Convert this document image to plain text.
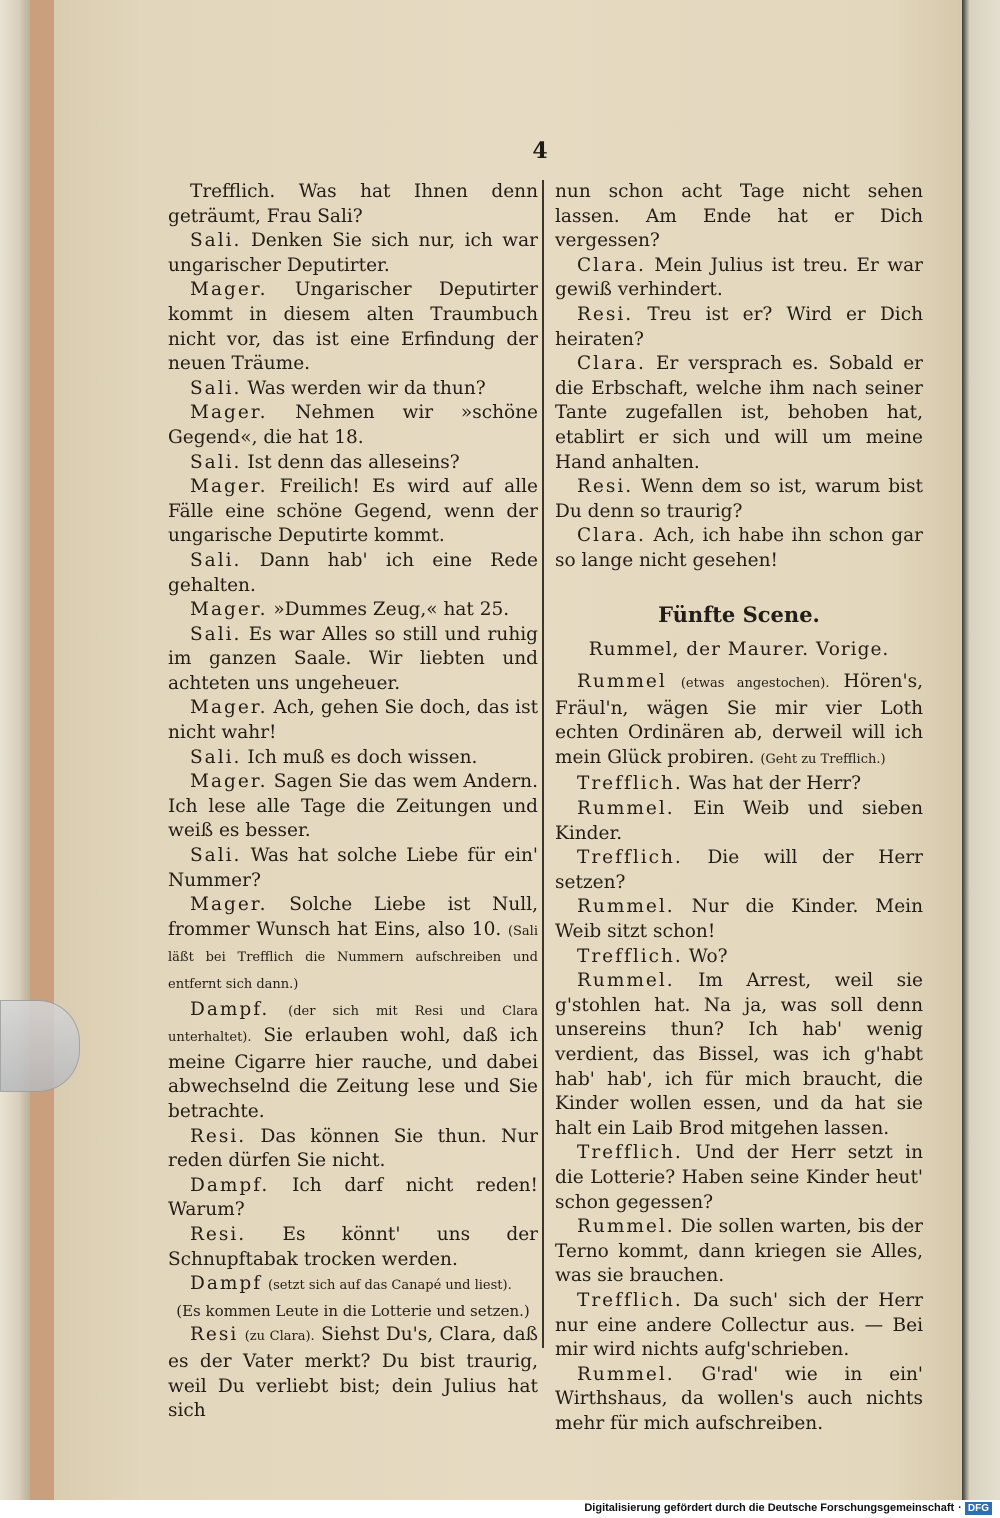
4

Trefflich. Was hat Ihnen denn geträumt, Frau Sali?

Sali. Denken Sie sich nur, ich war ungarischer Deputirter.

Mager. Ungarischer Deputirter kommt in diesem alten Traumbuch nicht vor, das ist eine Erfindung der neuen Träume.

Sali. Was werden wir da thun?

Mager. Nehmen wir »schöne Gegend«, die hat 18.

Sali. Ist denn das alleseins?

Mager. Freilich! Es wird auf alle Fälle eine schöne Gegend, wenn der ungarische Deputirte kommt.

Sali. Dann hab' ich eine Rede gehalten.

Mager. »Dummes Zeug,« hat 25.

Sali. Es war Alles so still und ruhig im ganzen Saale. Wir liebten und achteten uns ungeheuer.

Mager. Ach, gehen Sie doch, das ist nicht wahr!

Sali. Ich muß es doch wissen.

Mager. Sagen Sie das wem Andern. Ich lese alle Tage die Zeitungen und weiß es besser.

Sali. Was hat solche Liebe für ein' Nummer?

Mager. Solche Liebe ist Null, frommer Wunsch hat Eins, also 10. (Sali läßt bei Trefflich die Nummern aufschreiben und entfernt sich dann.)

Dampf. (der sich mit Resi und Clara unterhaltet). Sie erlauben wohl, daß ich meine Cigarre hier rauche, und dabei abwechselnd die Zeitung lese und Sie betrachte.

Resi. Das können Sie thun. Nur reden dürfen Sie nicht.

Dampf. Ich darf nicht reden! Warum?

Resi. Es könnt' uns der Schnupftabak trocken werden.

Dampf (setzt sich auf das Canapé und liest).

(Es kommen Leute in die Lotterie und setzen.)

Resi (zu Clara). Siehst Du's, Clara, daß es der Vater merkt? Du bist traurig, weil Du verliebt bist; dein Julius hat sich

nun schon acht Tage nicht sehen lassen. Am Ende hat er Dich vergessen?

Clara. Mein Julius ist treu. Er war gewiß verhindert.

Resi. Treu ist er? Wird er Dich heiraten?

Clara. Er versprach es. Sobald er die Erbschaft, welche ihm nach seiner Tante zugefallen ist, behoben hat, etablirt er sich und will um meine Hand anhalten.

Resi. Wenn dem so ist, warum bist Du denn so traurig?

Clara. Ach, ich habe ihn schon gar so lange nicht gesehen!

Fünfte Scene.
Rummel, der Maurer. Vorige.

Rummel (etwas angestochen). Hören's, Fräul'n, wägen Sie mir vier Loth echten Ordinären ab, derweil will ich mein Glück probiren. (Geht zu Trefflich.)

Trefflich. Was hat der Herr?

Rummel. Ein Weib und sieben Kinder.

Trefflich. Die will der Herr setzen?

Rummel. Nur die Kinder. Mein Weib sitzt schon!

Trefflich. Wo?

Rummel. Im Arrest, weil sie g'stohlen hat. Na ja, was soll denn unsereins thun? Ich hab' wenig verdient, das Bissel, was ich g'habt hab' hab', ich für mich braucht, die Kinder wollen essen, und da hat sie halt ein Laib Brod mitgehen lassen.

Trefflich. Und der Herr setzt in die Lotterie? Haben seine Kinder heut' schon gegessen?

Rummel. Die sollen warten, bis der Terno kommt, dann kriegen sie Alles, was sie brauchen.

Trefflich. Da such' sich der Herr nur eine andere Collectur aus. — Bei mir wird nichts aufg'schrieben.

Rummel. G'rad' wie in ein' Wirthshaus, da wollen's auch nichts mehr für mich aufschreiben.

Digitalisierung gefördert durch die Deutsche Forschungsgemeinschaft · DFG
